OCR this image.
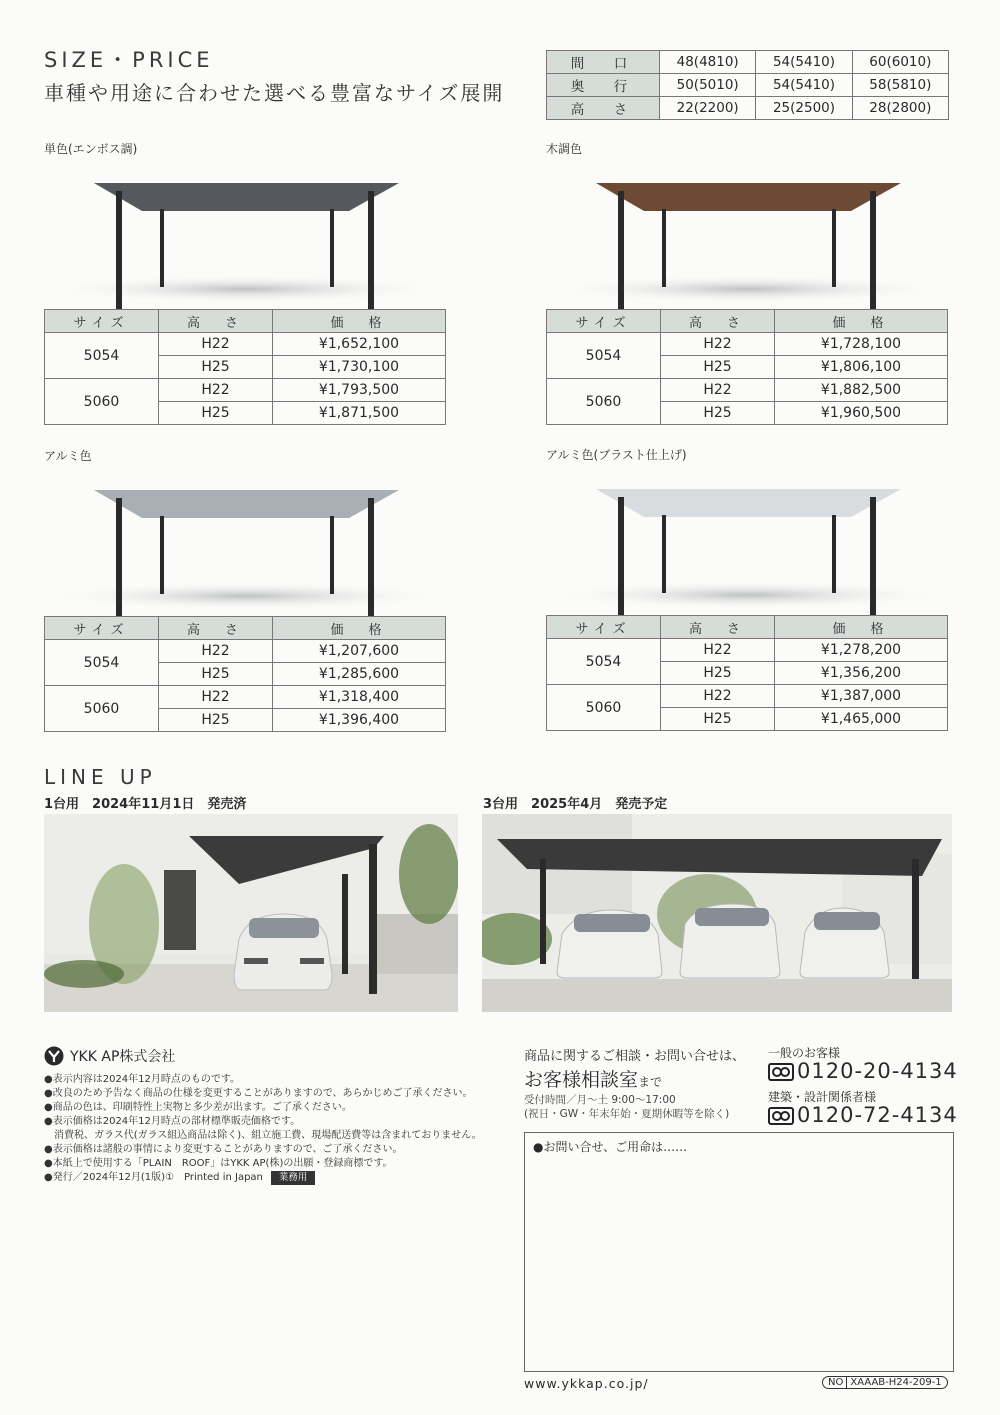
SIZE・PRICE
車種や用途に合わせた選べる豊富なサイズ展開
間　口	48(4810)	54(5410)	60(6010)
奥　行	50(5010)	54(5410)	58(5810)
高　さ	22(2200)	25(2500)	28(2800)
単色(エンボス調)
サイズ	高　さ	価　格
5054	H22	¥1,652,100
	H25	¥1,730,100
5060	H22	¥1,793,500
	H25	¥1,871,500
木調色
サイズ	高　さ	価　格
5054	H22	¥1,728,100
	H25	¥1,806,100
5060	H22	¥1,882,500
	H25	¥1,960,500
アルミ色
サイズ	高　さ	価　格
5054	H22	¥1,207,600
	H25	¥1,285,600
5060	H22	¥1,318,400
	H25	¥1,396,400
アルミ色(ブラスト仕上げ)
サイズ	高　さ	価　格
5054	H22	¥1,278,200
	H25	¥1,356,200
5060	H22	¥1,387,000
	H25	¥1,465,000
LINE UP
1台用　2024年11月1日　発売済	3台用　2025年4月　発売予定
YKK AP株式会社
●表示内容は2024年12月時点のものです。
●改良のため予告なく商品の仕様を変更することがありますので、あらかじめご了承ください。
●商品の色は、印刷特性上実物と多少差が出ます。ご了承ください。
●表示価格は2024年12月時点の部材標準販売価格です。
　消費税、ガラス代(ガラス組込商品は除く)、組立施工費、現場配送費等は含まれておりません。
●表示価格は諸般の事情により変更することがありますので、ご了承ください。
●本紙上で使用する「PLAIN　ROOF」はYKK AP(株)の出願・登録商標です。
●発行／2024年12月(1版)①　Printed in Japan 業務用
商品に関するご相談・お問い合せは、
お客様相談室まで
受付時間／月〜土 9:00〜17:00
(祝日・GW・年末年始・夏期休暇等を除く)
一般のお客様
0120-20-4134
建築・設計関係者様
0120-72-4134
●お問い合せ、ご用命は……
www.ykkap.co.jp/	NO XAAAB-H24-209-1
